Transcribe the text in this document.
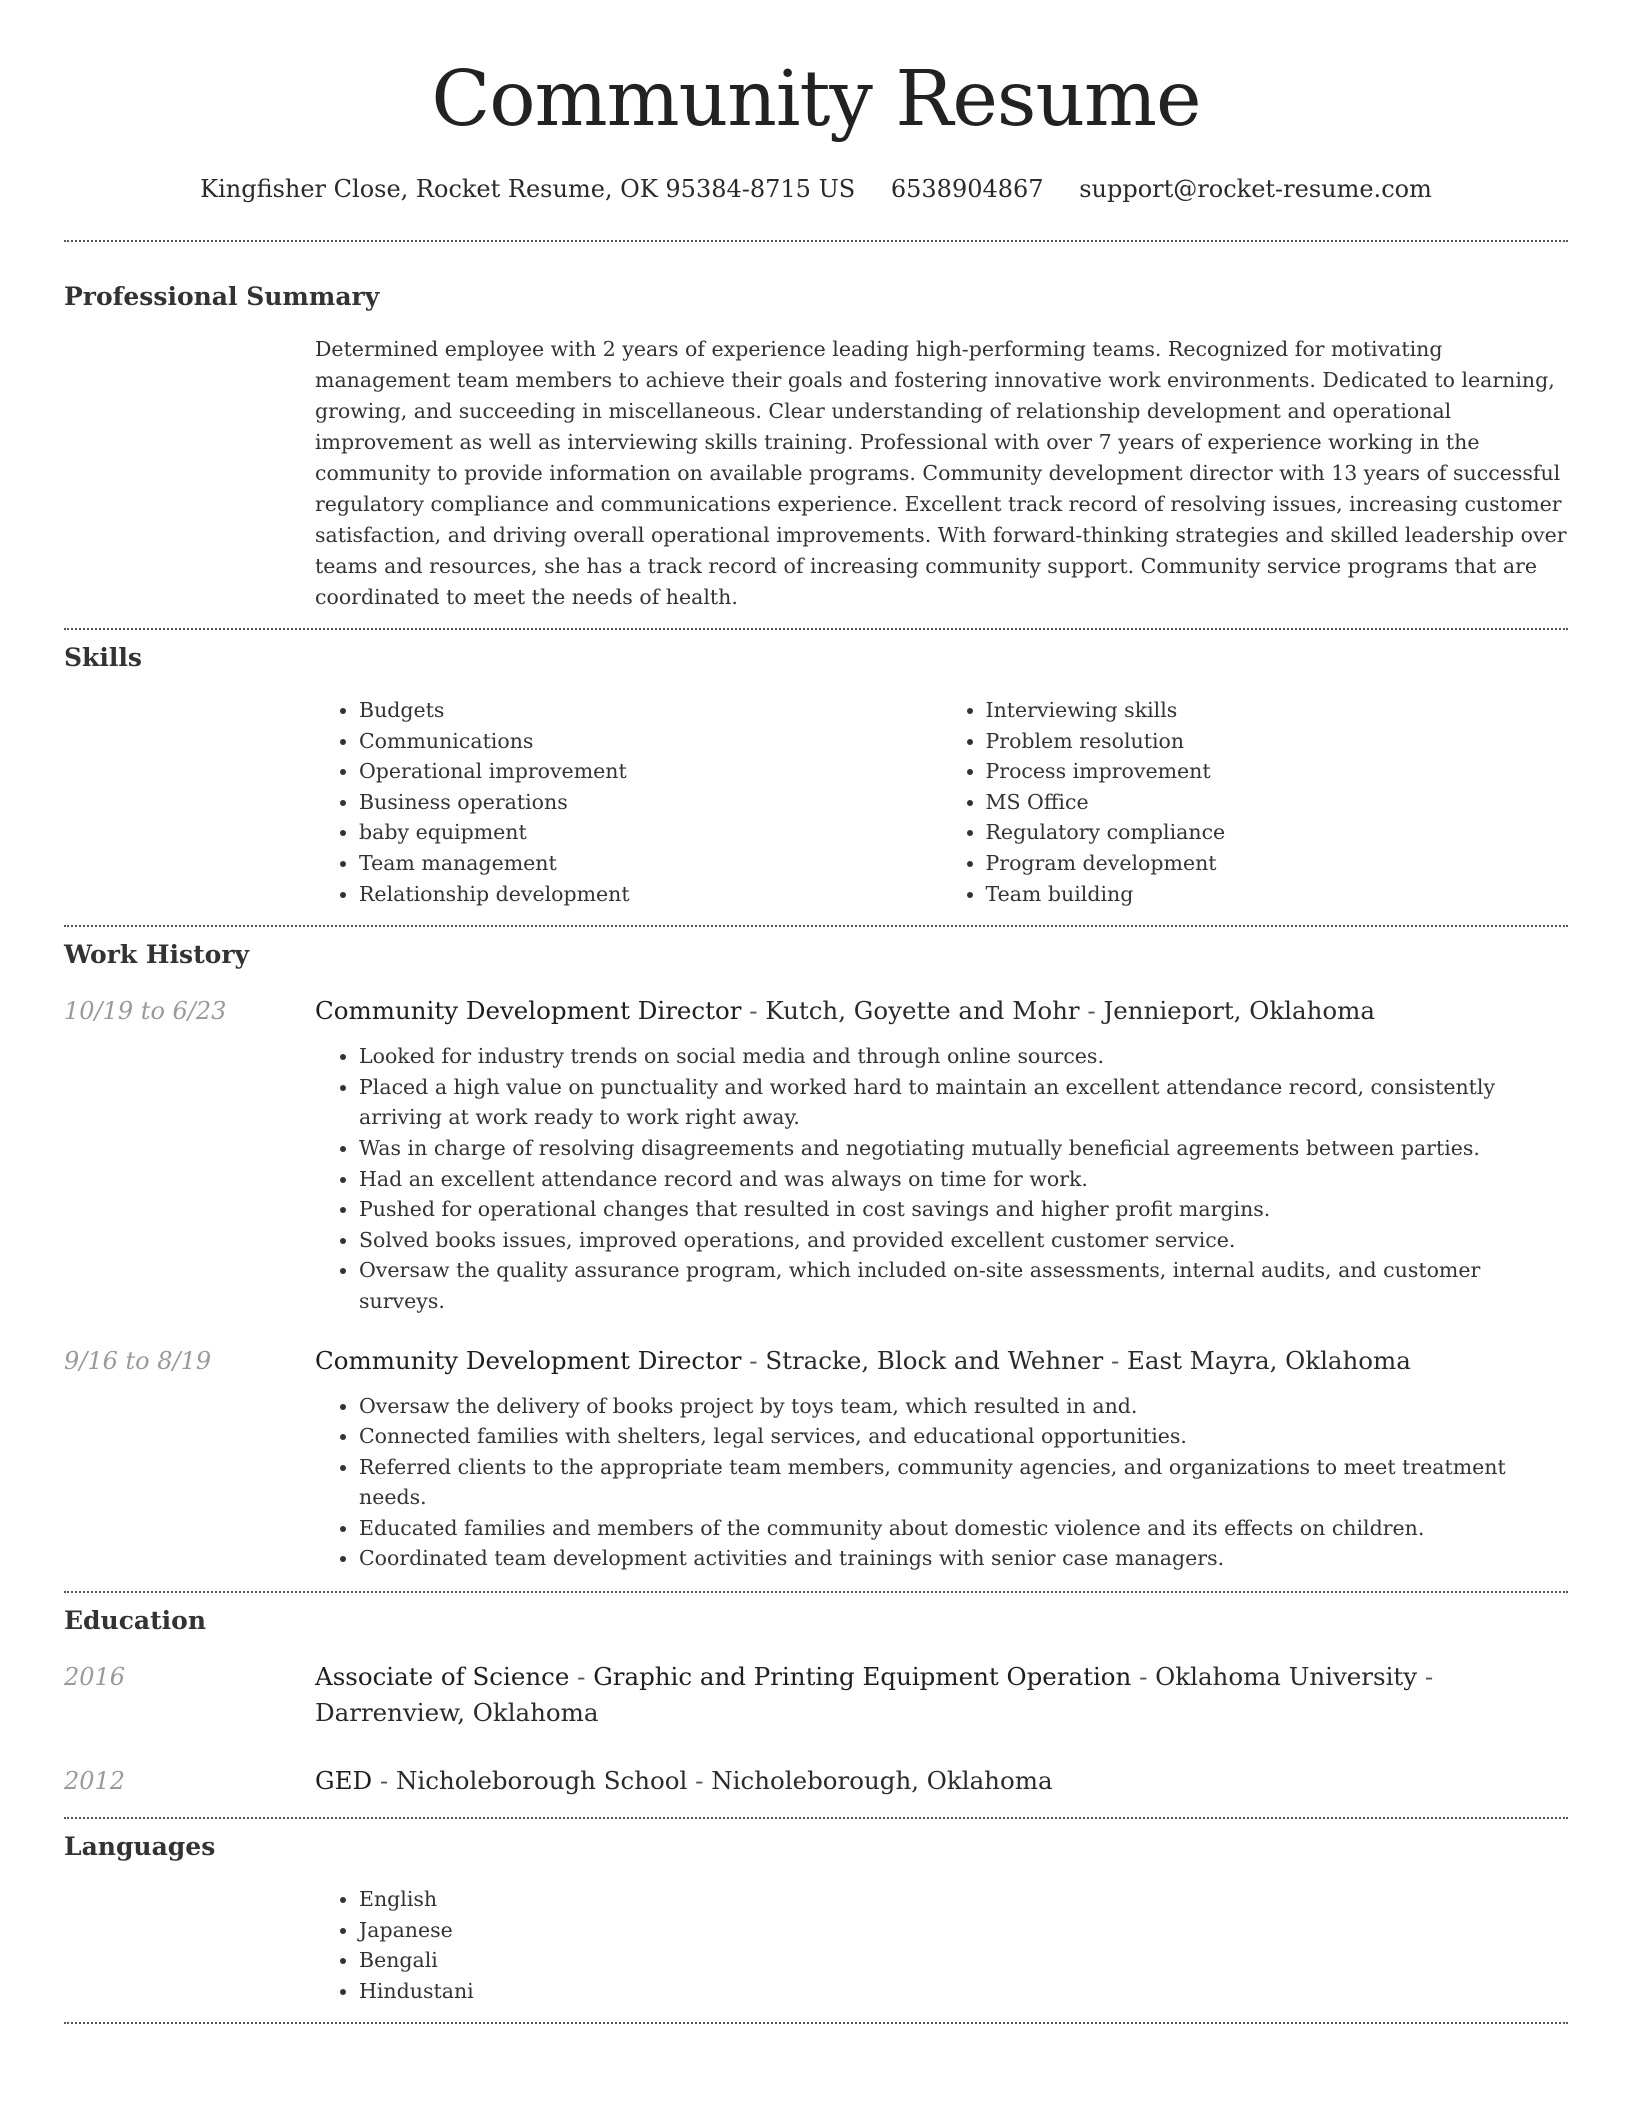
Community Resume
Kingfisher Close, Rocket Resume, OK 95384-8715 US 6538904867 support@rocket-resume.com
Professional Summary

Determined employee with 2 years of experience leading high-performing teams. Recognized for motivating management team members to achieve their goals and fostering innovative work environments. Dedicated to learning, growing, and succeeding in miscellaneous. Clear understanding of relationship development and operational improvement as well as interviewing skills training. Professional with over 7 years of experience working in the community to provide information on available programs. Community development director with 13 years of successful regulatory compliance and communications experience. Excellent track record of resolving issues, increasing customer satisfaction, and driving overall operational improvements. With forward-thinking strategies and skilled leadership over teams and resources, she has a track record of increasing community support. Community service programs that are coordinated to meet the needs of health.

Skills
• Budgets
• Communications
• Operational improvement
• Business operations
• baby equipment
• Team management
• Relationship development
• Interviewing skills
• Problem resolution
• Process improvement
• MS Office
• Regulatory compliance
• Program development
• Team building
Work History
10/19 to 6/23	Community Development Director - Kutch, Goyette and Mohr - Jennieport, Oklahoma
• Looked for industry trends on social media and through online sources.
• Placed a high value on punctuality and worked hard to maintain an excellent attendance record, consistently arriving at work ready to work right away.
• Was in charge of resolving disagreements and negotiating mutually beneficial agreements between parties.
• Had an excellent attendance record and was always on time for work.
• Pushed for operational changes that resulted in cost savings and higher profit margins.
• Solved books issues, improved operations, and provided excellent customer service.
• Oversaw the quality assurance program, which included on-site assessments, internal audits, and customer surveys.
9/16 to 8/19	Community Development Director - Stracke, Block and Wehner - East Mayra, Oklahoma
• Oversaw the delivery of books project by toys team, which resulted in and.
• Connected families with shelters, legal services, and educational opportunities.
• Referred clients to the appropriate team members, community agencies, and organizations to meet treatment needs.
• Educated families and members of the community about domestic violence and its effects on children.
• Coordinated team development activities and trainings with senior case managers.
Education
2016	Associate of Science - Graphic and Printing Equipment Operation - Oklahoma University - Darrenview, Oklahoma
2012	GED - Nicholeborough School - Nicholeborough, Oklahoma
Languages
• English
• Japanese
• Bengali
• Hindustani
